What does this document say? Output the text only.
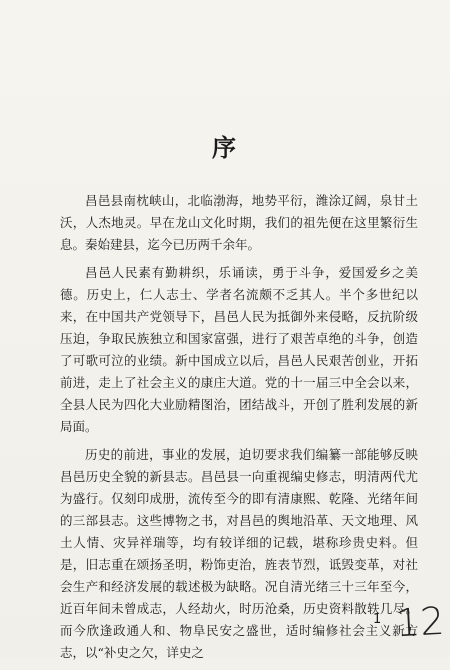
序

昌邑县南枕峡山，北临渤海，地势平衍，潍涂辽阔，泉甘土沃，人杰地灵。早在龙山文化时期，我们的祖先便在这里繁衍生息。秦始建县，迄今已历两千余年。

昌邑人民素有勤耕织，乐诵读，勇于斗争，爱国爱乡之美德。历史上，仁人志士、学者名流颇不乏其人。半个多世纪以来，在中国共产党领导下，昌邑人民为抵御外来侵略，反抗阶级压迫，争取民族独立和国家富强，进行了艰苦卓绝的斗争，创造了可歌可泣的业绩。新中国成立以后，昌邑人民艰苦创业，开拓前进，走上了社会主义的康庄大道。党的十一届三中全会以来，全县人民为四化大业励精图治，团结战斗，开创了胜利发展的新局面。

历史的前进，事业的发展，迫切要求我们编纂一部能够反映昌邑历史全貌的新县志。昌邑县一向重视编史修志，明清两代尤为盛行。仅刻印成册，流传至今的即有清康熙、乾隆、光绪年间的三部县志。这些博物之书，对昌邑的舆地沿革、天文地理、风土人情、灾异祥瑞等，均有较详细的记载，堪称珍贵史料。但是，旧志重在颂扬圣明，粉饰吏治，旌表节烈，诋毁变革，对社会生产和经济发展的载述极为缺略。况自清光绪三十三年至今，近百年间未曾成志，人经劫火，时历沧桑，历史资料散轶几尽。而今欣逢政通人和、物阜民安之盛世，适时编修社会主义新方志，以“补史之欠，详史之

1 12
